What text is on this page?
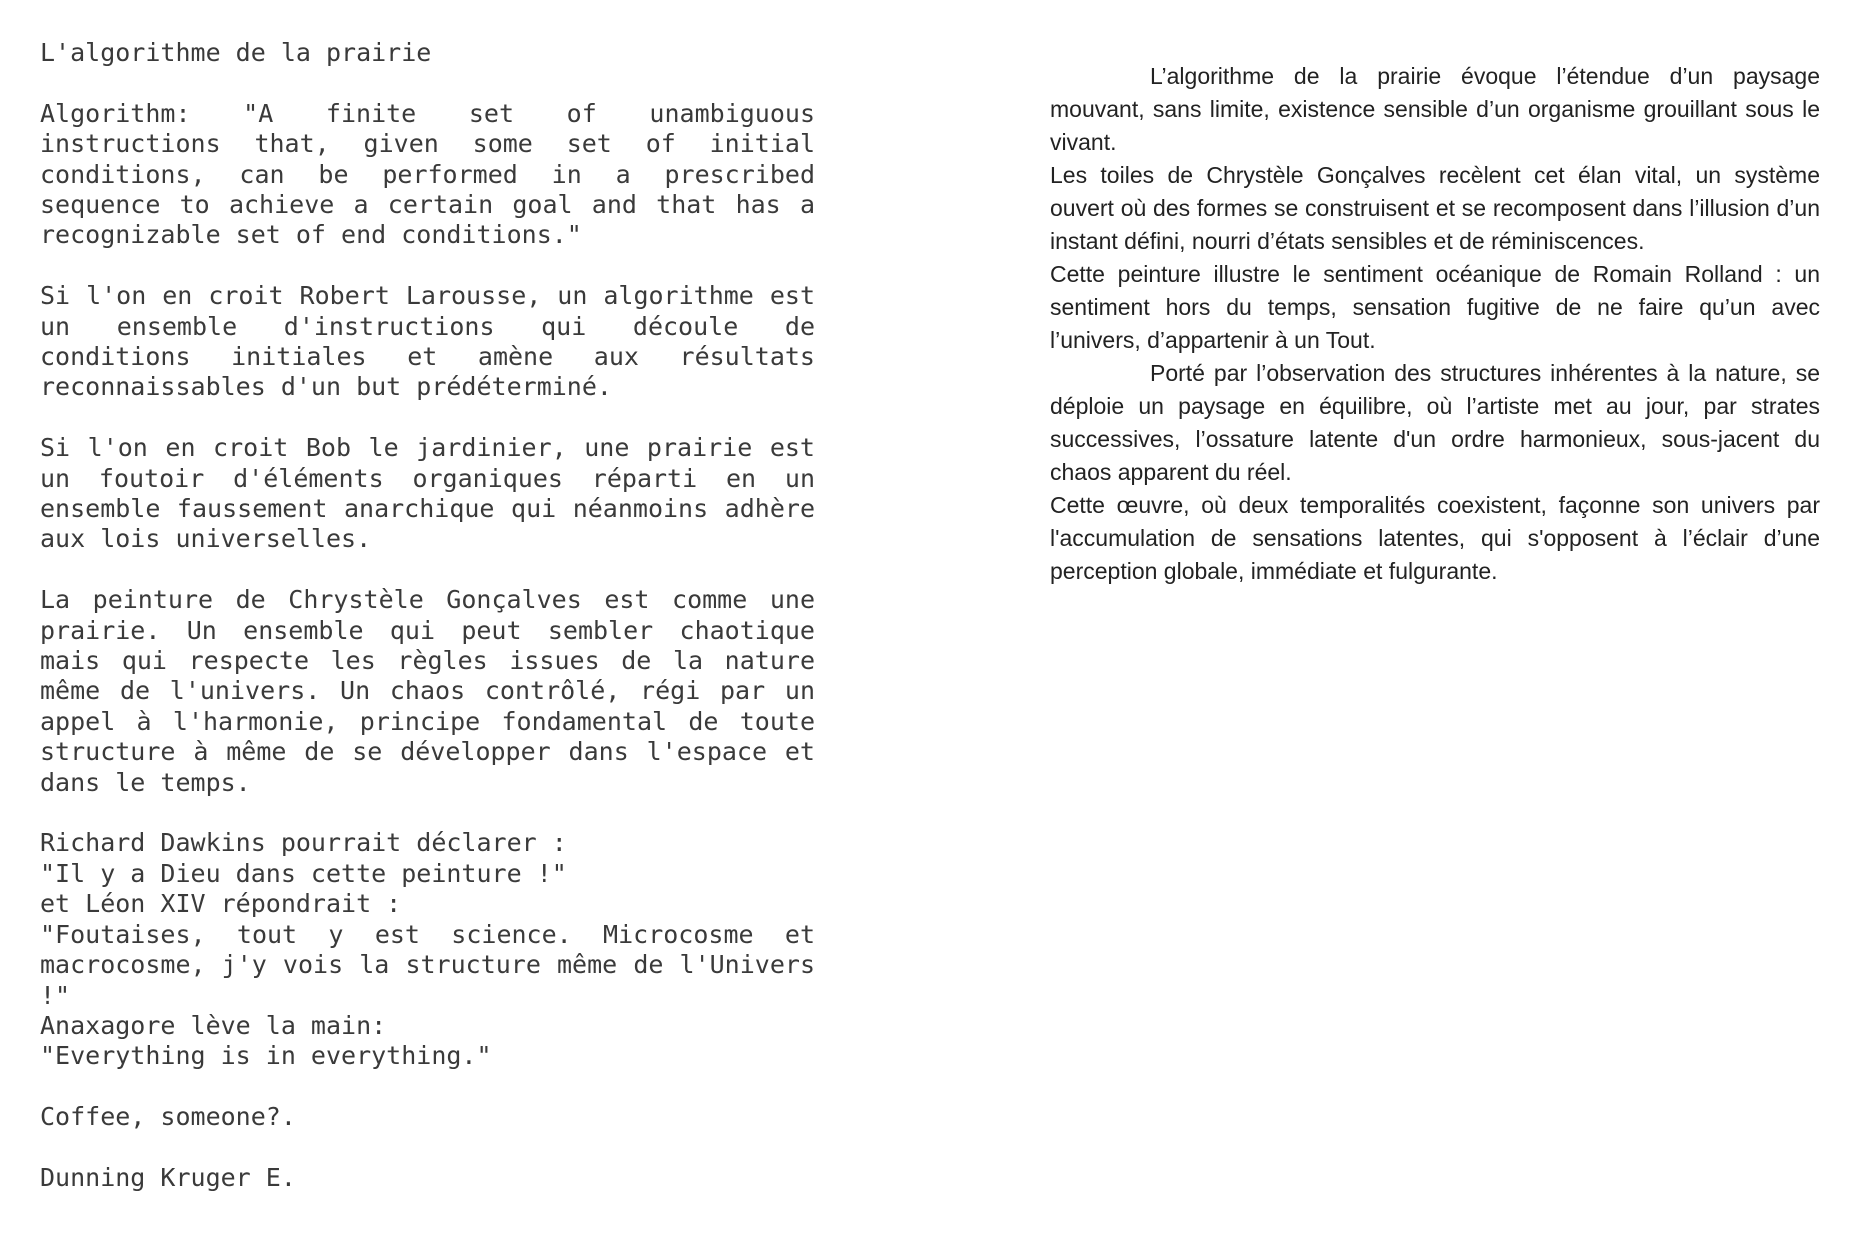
L'algorithme de la prairie

Algorithm: "A finite set of unambiguous instructions that, given some set of initial conditions, can be performed in a prescribed sequence to achieve a certain goal and that has a recognizable set of end conditions."

Si l'on en croit Robert Larousse, un algorithme est un ensemble d'instructions qui découle de conditions initiales et amène aux résultats reconnaissables d'un but prédéterminé.

Si l'on en croit Bob le jardinier, une prairie est un foutoir d'éléments organiques réparti en un ensemble faussement anarchique qui néanmoins adhère aux lois universelles.

La peinture de Chrystèle Gonçalves est comme une prairie. Un ensemble qui peut sembler chaotique mais qui respecte les règles issues de la nature même de l'univers. Un chaos contrôlé, régi par un appel à l'harmonie, principe fondamental de toute structure à même de se développer dans l'espace et dans le temps.

Richard Dawkins pourrait déclarer :
"Il y a Dieu dans cette peinture !"
et Léon XIV répondrait :
"Foutaises, tout y est science. Microcosme et macrocosme, j'y vois la structure même de l'Univers !"
Anaxagore lève la main:
"Everything is in everything."

Coffee, someone?.

Dunning Kruger E.

L’algorithme de la prairie évoque l’étendue d’un paysage mouvant, sans limite, existence sensible d’un organisme grouillant sous le vivant.

Les toiles de Chrystèle Gonçalves recèlent cet élan vital, un système ouvert où des formes se construisent et se recomposent dans l’illusion d’un instant défini, nourri d’états sensibles et de réminiscences.

Cette peinture illustre le sentiment océanique de Romain Rolland : un sentiment hors du temps, sensation fugitive de ne faire qu’un avec l’univers, d’appartenir à un Tout.

Porté par l’observation des structures inhérentes à la nature, se déploie un paysage en équilibre, où l’artiste met au jour, par strates successives, l’ossature latente d'un ordre harmonieux, sous-jacent du chaos apparent du réel.

Cette œuvre, où deux temporalités coexistent, façonne son univers par l'accumulation de sensations latentes, qui s'opposent à l’éclair d’une perception globale, immédiate et fulgurante.
